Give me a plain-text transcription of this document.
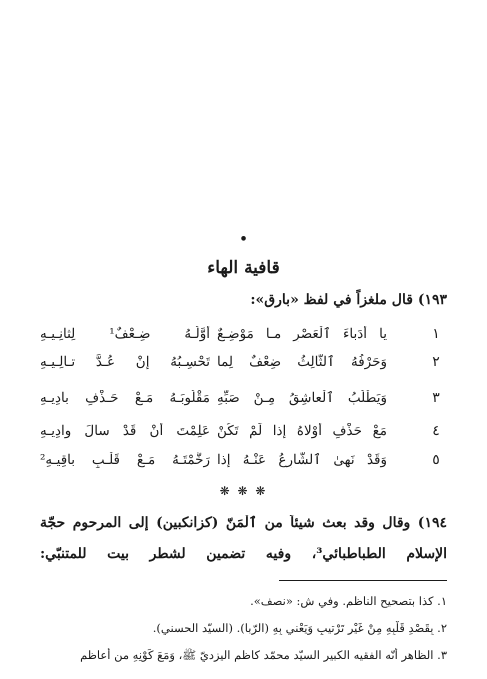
•
قافية الهاء
١٩٣) قال ملغزاً في لفظ «بارق»:
١
يا أُدَباءَ ٱلْعَصْرِ مـا مَوْضِـعٌ
أَوَّلُـهُ ضِـعْفٌ¹ لِثانِـيـهِ
٢
وَحَرْفُهُ ٱلثَّالِثُ ضِعْفٌ لِما
تَحْسِـبُهُ إنْ عُـدَّ تـالِـيـهِ
٣
وَيَطْلُبُ ٱلْعاشِقُ مِـنْ صَبِّهِ
مَقْلُوبَـهُ مَـعْ حَـذْفِ بادِيـهِ
٤
مَعْ حَذْفِ أَوْلاهُ إذا لَمْ تَكُنْ
عَلِمْتَ أَنْ قَدْ سالَ وادِيـهِ
٥
وَقَدْ نَهىٰ ٱلشَّارِعُ عَنْـهُ إذا
رَخَّمْتَـهُ مَـعْ قَلْـبِ باقِيـهِ²
❋ ❋ ❋
١٩٤) وقال وقد بعث شيئاً من ٱلْمَنّ (كزانكبين) إلى المرحوم حجّة
الإسلام الطباطبائي³، وفيه تضمين لشطر بيت للمتنبّي:
١. كذا بتصحيح الناظم. وفي ش: «نصف».
٢. بِقَصْدِ قَلْبِهِ مِنْ غَيْرِ تَرْتيبٍ وَيَعْني بِهِ (الرّبا). (السيّد الحسني).
٣. الظاهر أنّه الفقيه الكبير السيّد محمّد كاظم اليزديّ ﷺ، وَمَعَ كَوْنِهِ من أعاظم
